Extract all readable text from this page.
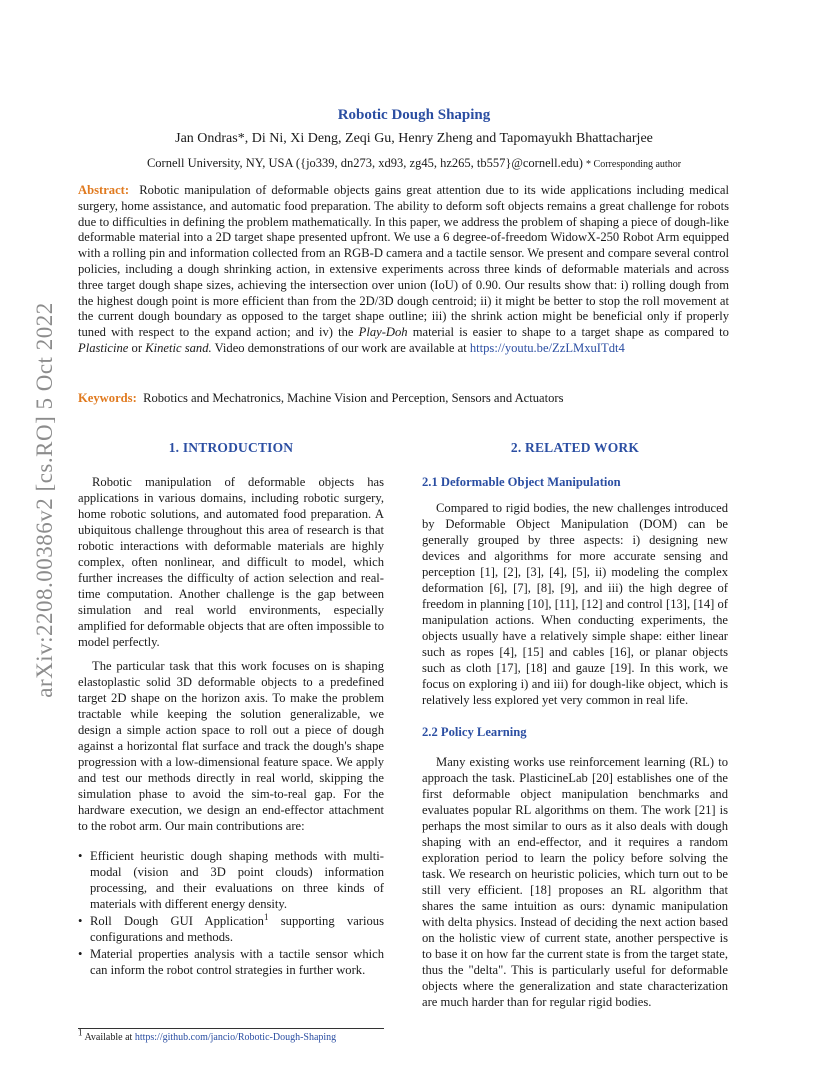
arXiv:2208.00386v2 [cs.RO] 5 Oct 2022
Robotic Dough Shaping
Jan Ondras*, Di Ni, Xi Deng, Zeqi Gu, Henry Zheng and Tapomayukh Bhattacharjee
Cornell University, NY, USA ({jo339, dn273, xd93, zg45, hz265, tb557}@cornell.edu) * Corresponding author
Abstract: Robotic manipulation of deformable objects gains great attention due to its wide applications including medical surgery, home assistance, and automatic food preparation. The ability to deform soft objects remains a great challenge for robots due to difficulties in defining the problem mathematically. In this paper, we address the problem of shaping a piece of dough-like deformable material into a 2D target shape presented upfront. We use a 6 degree-of-freedom WidowX-250 Robot Arm equipped with a rolling pin and information collected from an RGB-D camera and a tactile sensor. We present and compare several control policies, including a dough shrinking action, in extensive experiments across three kinds of deformable materials and across three target dough shape sizes, achieving the intersection over union (IoU) of 0.90. Our results show that: i) rolling dough from the highest dough point is more efficient than from the 2D/3D dough centroid; ii) it might be better to stop the roll movement at the current dough boundary as opposed to the target shape outline; iii) the shrink action might be beneficial only if properly tuned with respect to the expand action; and iv) the Play-Doh material is easier to shape to a target shape as compared to Plasticine or Kinetic sand. Video demonstrations of our work are available at https://youtu.be/ZzLMxuITdt4
Keywords: Robotics and Mechatronics, Machine Vision and Perception, Sensors and Actuators
1. INTRODUCTION

Robotic manipulation of deformable objects has applications in various domains, including robotic surgery, home robotic solutions, and automated food preparation. A ubiquitous challenge throughout this area of research is that robotic interactions with deformable materials are highly complex, often nonlinear, and difficult to model, which further increases the difficulty of action selection and real-time computation. Another challenge is the gap between simulation and real world environments, especially amplified for deformable objects that are often impossible to model perfectly.

The particular task that this work focuses on is shaping elastoplastic solid 3D deformable objects to a predefined target 2D shape on the horizon axis. To make the problem tractable while keeping the solution generalizable, we design a simple action space to roll out a piece of dough against a horizontal flat surface and track the dough's shape progression with a low-dimensional feature space. We apply and test our methods directly in real world, skipping the simulation phase to avoid the sim-to-real gap. For the hardware execution, we design an end-effector attachment to the robot arm. Our main contributions are:

• Efficient heuristic dough shaping methods with multi-modal (vision and 3D point clouds) information processing, and their evaluations on three kinds of materials with different energy density.
• Roll Dough GUI Application$^1$ supporting various configurations and methods.
• Material properties analysis with a tactile sensor which can inform the robot control strategies in further work.
$^1$ Available at https://github.com/jancio/Robotic-Dough-Shaping
2. RELATED WORK
2.1 Deformable Object Manipulation

Compared to rigid bodies, the new challenges introduced by Deformable Object Manipulation (DOM) can be generally grouped by three aspects: i) designing new devices and algorithms for more accurate sensing and perception [1], [2], [3], [4], [5], ii) modeling the complex deformation [6], [7], [8], [9], and iii) the high degree of freedom in planning [10], [11], [12] and control [13], [14] of manipulation actions. When conducting experiments, the objects usually have a relatively simple shape: either linear such as ropes [4], [15] and cables [16], or planar objects such as cloth [17], [18] and gauze [19]. In this work, we focus on exploring i) and iii) for dough-like object, which is relatively less explored yet very common in real life.

2.2 Policy Learning

Many existing works use reinforcement learning (RL) to approach the task. PlasticineLab [20] establishes one of the first deformable object manipulation benchmarks and evaluates popular RL algorithms on them. The work [21] is perhaps the most similar to ours as it also deals with dough shaping with an end-effector, and it requires a random exploration period to learn the policy before solving the task. We research on heuristic policies, which turn out to be still very efficient. [18] proposes an RL algorithm that shares the same intuition as ours: dynamic manipulation with delta physics. Instead of deciding the next action based on the holistic view of current state, another perspective is to base it on how far the current state is from the target state, thus the "delta". This is particularly useful for deformable objects where the generalization and state characterization are much harder than for regular rigid bodies.
